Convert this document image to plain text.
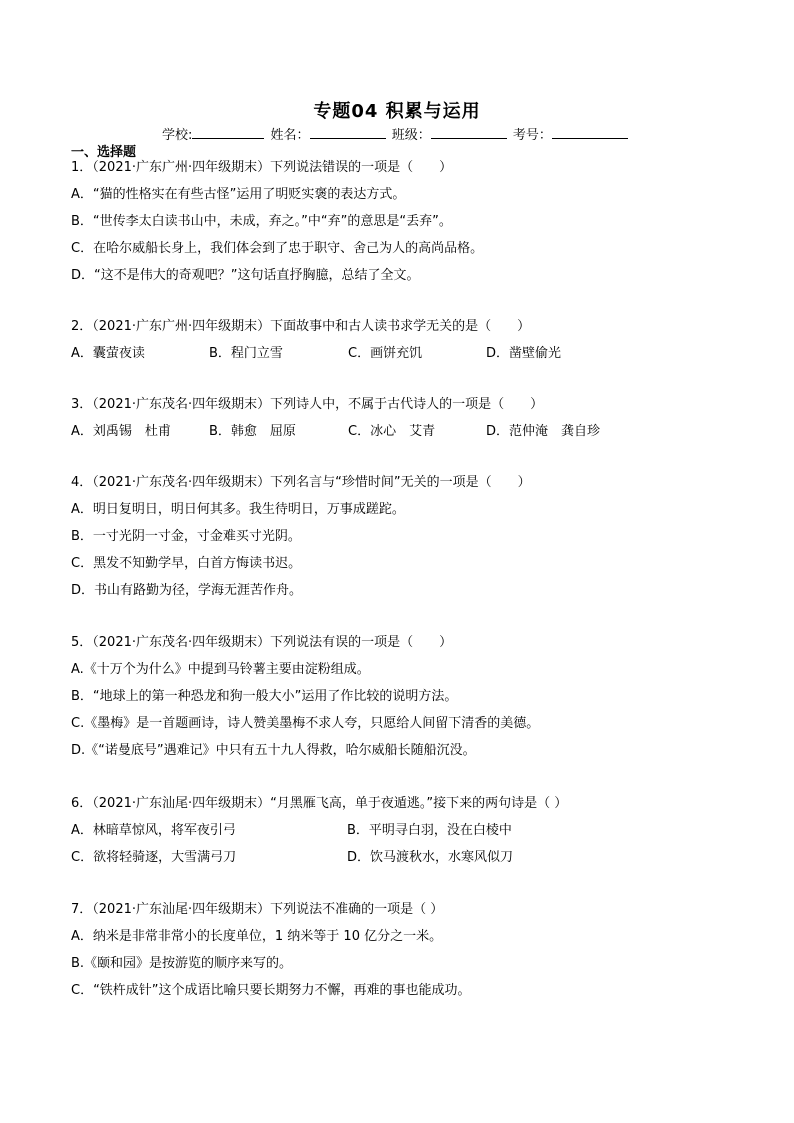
专题04 积累与运用
学校:	姓名：	班级：	考号：
一、选择题
1．（2021·广东广州·四年级期末）下列说法错误的一项是（　　）
A．“猫的性格实在有些古怪”运用了明贬实褒的表达方式。
B．“世传李太白读书山中，未成，弃之。”中“弃”的意思是“丢弃”。
C．在哈尔威船长身上，我们体会到了忠于职守、舍己为人的高尚品格。
D．“这不是伟大的奇观吧？”这句话直抒胸臆，总结了全文。
2．（2021·广东广州·四年级期末）下面故事中和古人读书求学无关的是（　　）
A．囊萤夜读	B．程门立雪	C．画饼充饥	D．凿壁偷光
3．（2021·广东茂名·四年级期末）下列诗人中，不属于古代诗人的一项是（　　）
A．刘禹锡　杜甫	B．韩愈　屈原	C．冰心　艾青	D．范仲淹　龚自珍
4．（2021·广东茂名·四年级期末）下列名言与“珍惜时间”无关的一项是（　　）
A．明日复明日，明日何其多。我生待明日，万事成蹉跎。
B．一寸光阴一寸金，寸金难买寸光阴。
C．黑发不知勤学早，白首方悔读书迟。
D．书山有路勤为径，学海无涯苦作舟。
5．（2021·广东茂名·四年级期末）下列说法有误的一项是（　　）
A.《十万个为什么》中提到马铃薯主要由淀粉组成。
B．“地球上的第一种恐龙和狗一般大小”运用了作比较的说明方法。
C.《墨梅》是一首题画诗，诗人赞美墨梅不求人夸，只愿给人间留下清香的美德。
D.《“诺曼底号”遇难记》中只有五十九人得救，哈尔威船长随船沉没。
6．（2021·广东汕尾·四年级期末）“月黑雁飞高，单于夜遁逃。”接下来的两句诗是（ ）
A．林暗草惊风，将军夜引弓	B．平明寻白羽，没在白棱中
C．欲将轻骑逐，大雪满弓刀	D．饮马渡秋水，水寒风似刀
7．（2021·广东汕尾·四年级期末）下列说法不准确的一项是（ ）
A．纳米是非常非常小的长度单位，1 纳米等于 10 亿分之一米。
B.《颐和园》是按游览的顺序来写的。
C．“铁杵成针”这个成语比喻只要长期努力不懈，再难的事也能成功。
